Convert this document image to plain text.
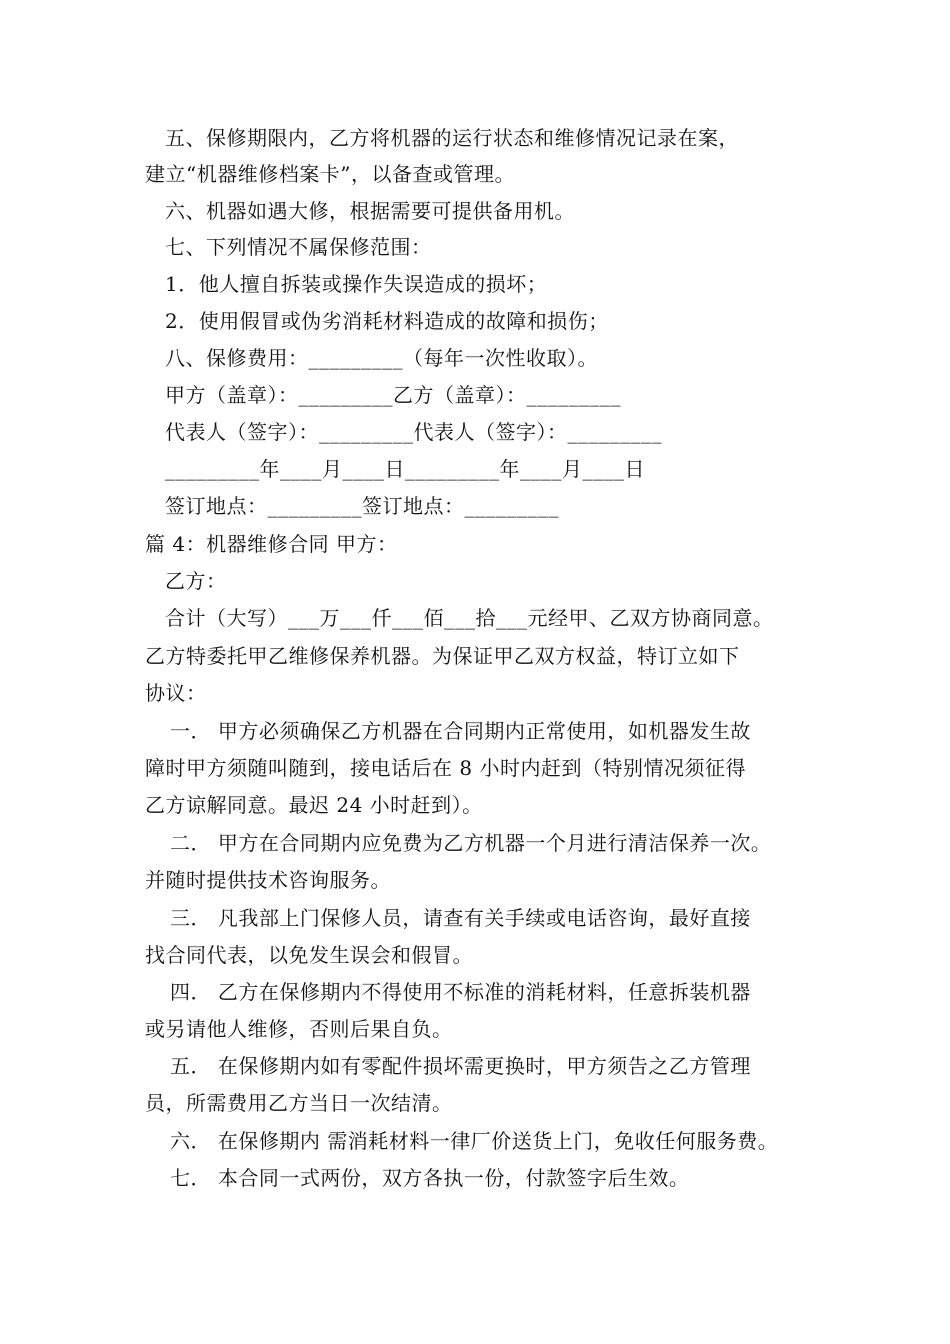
五、保修期限内，乙方将机器的运行状态和维修情况记录在案，
建立“机器维修档案卡”，以备查或管理。
六、机器如遇大修，根据需要可提供备用机。
七、下列情况不属保修范围：
1．他人擅自拆装或操作失误造成的损坏；
2．使用假冒或伪劣消耗材料造成的故障和损伤；
八、保修费用：_________（每年一次性收取）。
甲方（盖章）：_________乙方（盖章）：_________
代表人（签字）：_________代表人（签字）：_________
_________年____月____日_________年____月____日
签订地点：_________签订地点：_________
篇 4：机器维修合同 甲方：
乙方：
合计（大写）___万___仟___佰___拾___元经甲、乙双方协商同意。
乙方特委托甲乙维修保养机器。为保证甲乙双方权益，特订立如下
协议：
一． 甲方必须确保乙方机器在合同期内正常使用，如机器发生故
障时甲方须随叫随到，接电话后在 8 小时内赶到（特别情况须征得
乙方谅解同意。最迟 24 小时赶到）。
二． 甲方在合同期内应免费为乙方机器一个月进行清洁保养一次。
并随时提供技术咨询服务。
三． 凡我部上门保修人员，请查有关手续或电话咨询，最好直接
找合同代表，以免发生误会和假冒。
四． 乙方在保修期内不得使用不标准的消耗材料，任意拆装机器
或另请他人维修，否则后果自负。
五． 在保修期内如有零配件损坏需更换时，甲方须告之乙方管理
员，所需费用乙方当日一次结清。
六． 在保修期内 需消耗材料一律厂价送货上门，免收任何服务费。
七． 本合同一式两份，双方各执一份，付款签字后生效。
